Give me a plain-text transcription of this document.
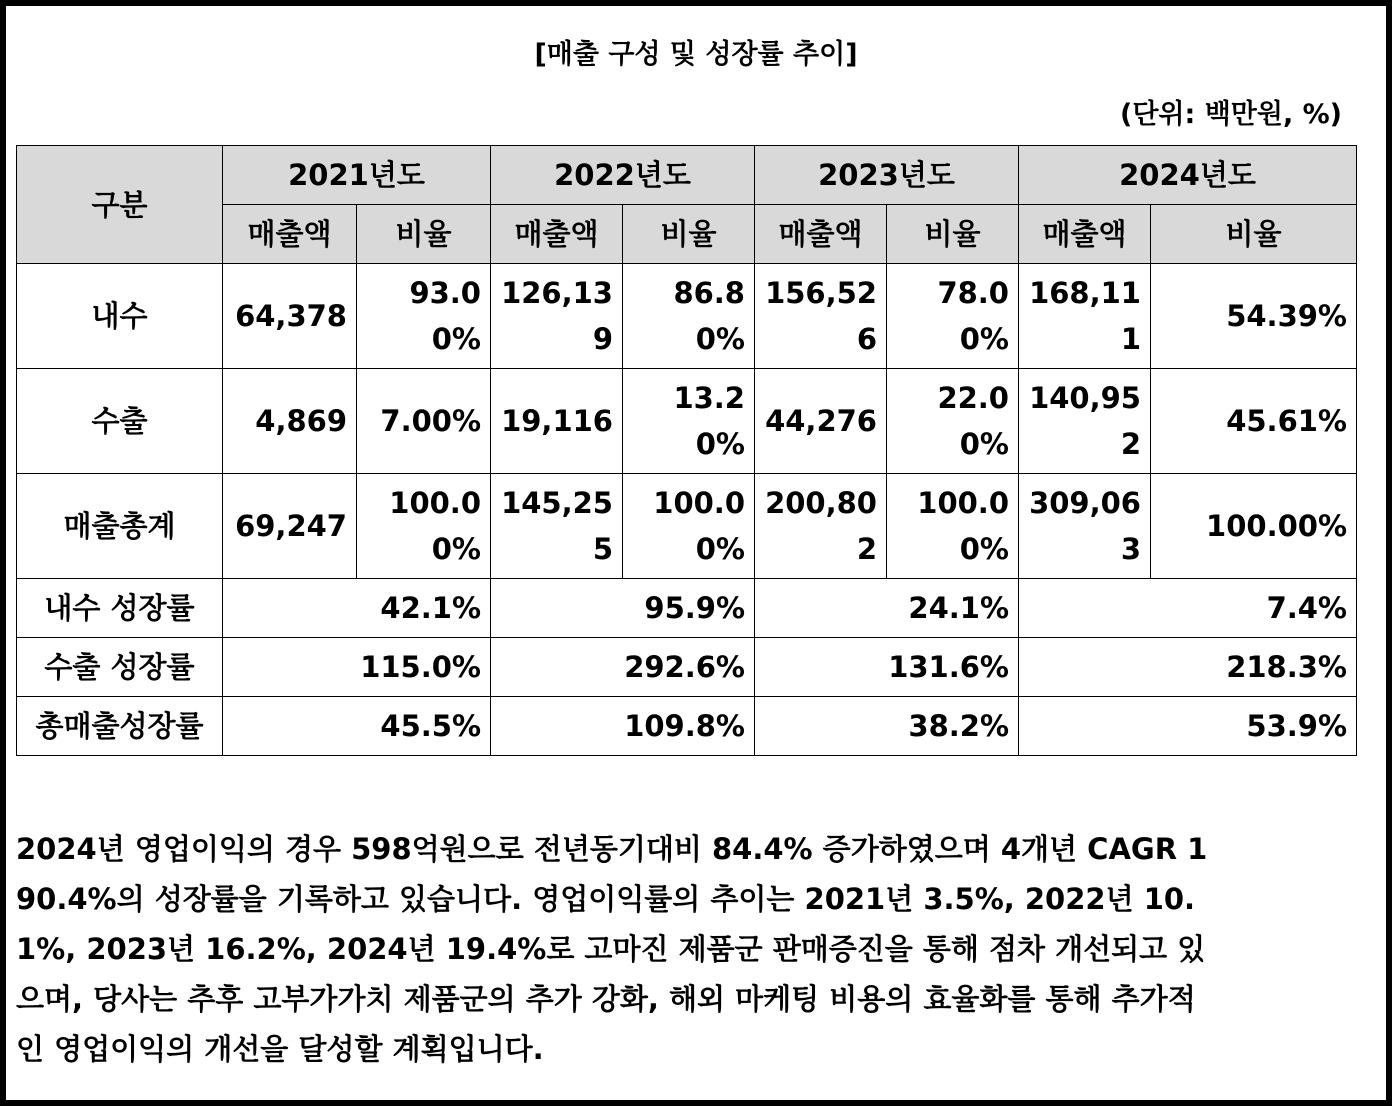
[매출 구성 및 성장률 추이]
(단위: 백만원, %)
구분	2021년도		2022년도		2023년도		2024년도	
	매출액	비율	매출액	비율	매출액	비율	매출액	비율
내수	64,378	93.00%	126,139	86.80%	156,526	78.00%	168,111	54.39%
수출	4,869	7.00%	19,116	13.20%	44,276	22.00%	140,952	45.61%
매출총계	69,247	100.00%	145,255	100.00%	200,802	100.00%	309,063	100.00%
내수 성장률	42.1%		95.9%		24.1%		7.4%	
수출 성장률	115.0%		292.6%		131.6%		218.3%	
총매출성장률	45.5%		109.8%		38.2%		53.9%	
2024년 영업이익의 경우 598억원으로 전년동기대비 84.4% 증가하였으며 4개년 CAGR 190.4%의 성장률을 기록하고 있습니다. 영업이익률의 추이는 2021년 3.5%, 2022년 10.1%, 2023년 16.2%, 2024년 19.4%로 고마진 제품군 판매증진을 통해 점차 개선되고 있으며, 당사는 추후 고부가가치 제품군의 추가 강화, 해외 마케팅 비용의 효율화를 통해 추가적인 영업이익의 개선을 달성할 계획입니다.
